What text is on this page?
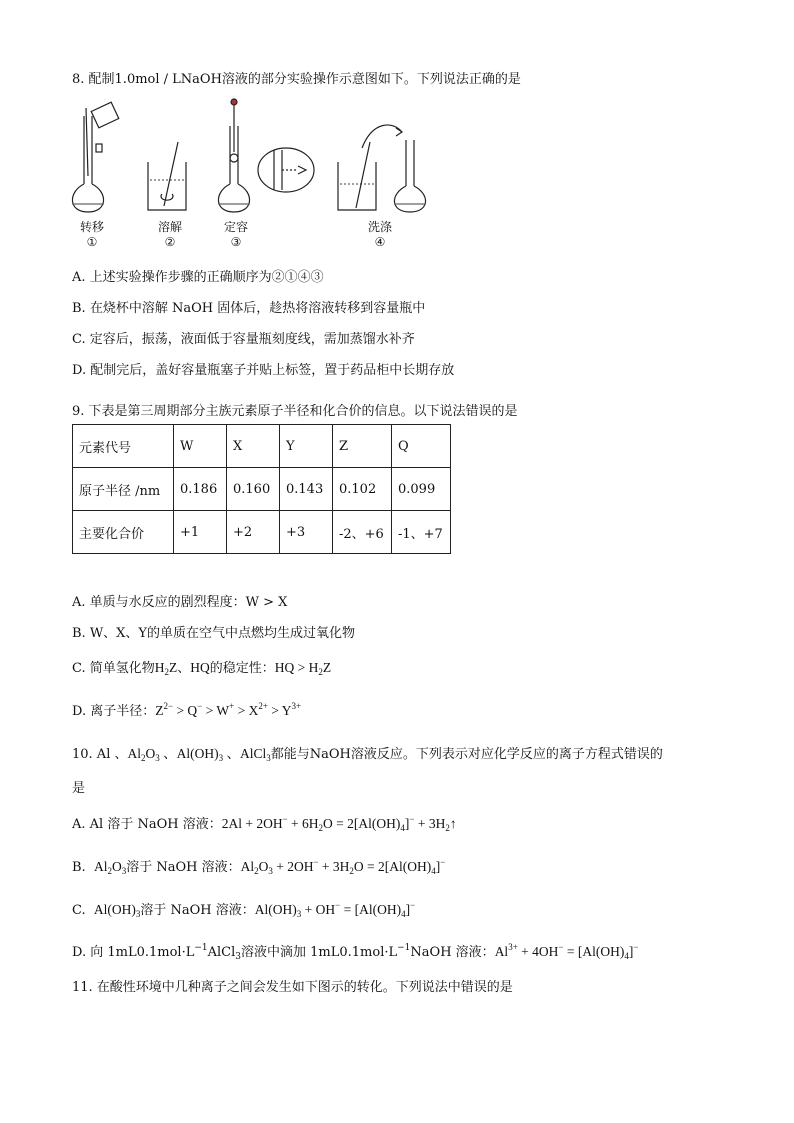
8. 配制1.0mol / LNaOH溶液的部分实验操作示意图如下。下列说法正确的是
转移
①
溶解
②
定容
③
洗涤
④
A. 上述实验操作步骤的正确顺序为②①④③
B. 在烧杯中溶解 NaOH 固体后，趁热将溶液转移到容量瓶中
C. 定容后，振荡，液面低于容量瓶刻度线，需加蒸馏水补齐
D. 配制完后，盖好容量瓶塞子并贴上标签，置于药品柜中长期存放
9. 下表是第三周期部分主族元素原子半径和化合价的信息。以下说法错误的是
元素代号	W	X	Y	Z	Q
原子半径 /nm	0.186	0.160	0.143	0.102	0.099
主要化合价	+1	+2	+3	-2、+6	-1、+7
A. 单质与水反应的剧烈程度：W > X
B. W、X、Y的单质在空气中点燃均生成过氧化物
C. 简单氢化物$H_2Z$、HQ的稳定性：HQ > $H_2Z$
D. 离子半径：$Z^{2-} > Q^- > W^+ > X^{2+} > Y^{3+}$
10. Al 、$Al_2O_3$ 、$Al(OH)_3$ 、AlCl$_3$都能与NaOH溶液反应。下列表示对应化学反应的离子方程式错误的
是
A. Al 溶于 NaOH 溶液：$2Al + 2OH^- + 6H_2O = 2[Al(OH)_4]^-$ + $3H_2↑$
B.  $Al_2O_3$溶于 NaOH 溶液：$Al_2O_3 + 2OH^- + 3H_2O = 2[Al(OH)_4]^-$
C.  $Al(OH)_3$溶于 NaOH 溶液：$Al(OH)_3 + OH^- = [Al(OH)_4]^-$
D. 向 $1mL0.1mol\cdot L^{-1}AlCl_3$溶液中滴加 $1mL0.1mol\cdot L^{-1}NaOH$ 溶液：$Al^{3+} + 4OH^- = [Al(OH)_4]^-$
11. 在酸性环境中几种离子之间会发生如下图示的转化。下列说法中错误的是
